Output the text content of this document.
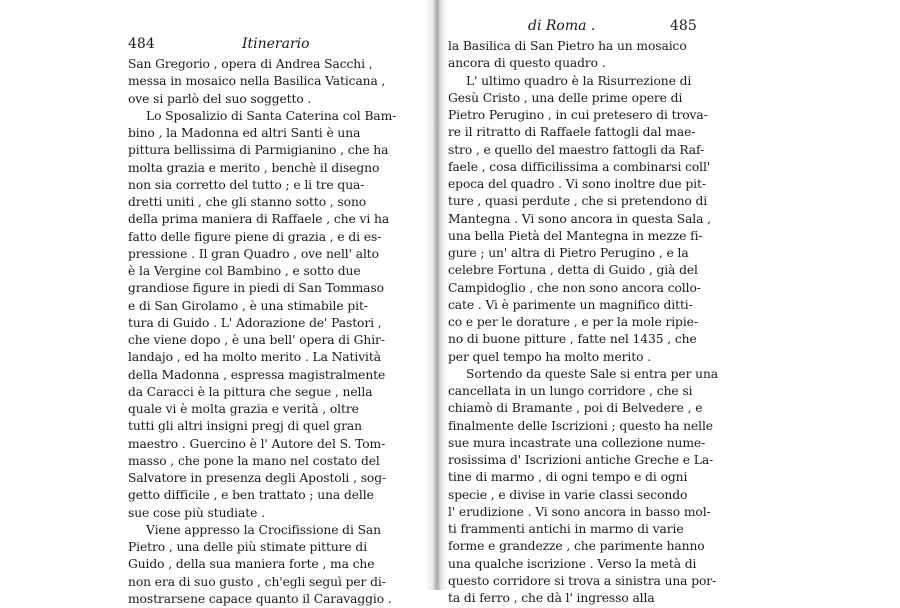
484	Itinerario
San Gregorio , opera di Andrea Sacchi ,
messa in mosaico nella Basilica Vaticana ,
ove si parlò del suo soggetto .
Lo Sposalizio di Santa Caterina col Bam-
bino , la Madonna ed altri Santi è una
pittura bellissima di Parmigianino , che ha
molta grazia e merito , benchè il disegno
non sia corretto del tutto ; e li tre qua-
dretti uniti , che gli stanno sotto , sono
della prima maniera di Raffaele , che vi ha
fatto delle figure piene di grazia , e di es-
pressione . Il gran Quadro , ove nell' alto
è la Vergine col Bambino , e sotto due
grandiose figure in piedi di San Tommaso
e di San Girolamo , è una stimabile pit-
tura di Guido . L' Adorazione de' Pastori ,
che viene dopo , è una bell' opera di Ghir-
landajo , ed ha molto merito . La Natività
della Madonna , espressa magistralmente
da Caracci è la pittura che segue , nella
quale vi è molta grazia e verità , oltre
tutti gli altri insigni pregj di quel gran
maestro . Guercino è l' Autore del S. Tom-
masso , che pone la mano nel costato del
Salvatore in presenza degli Apostoli , sog-
getto difficile , e ben trattato ; una delle
sue cose più studiate .
Viene appresso la Crocifissione di San
Pietro , una delle più stimate pitture di
Guido , della sua maniera forte , ma che
non era di suo gusto , ch'egli seguì per di-
mostrarsene capace quanto il Caravaggio .
di Roma .	485
la Basilica di San Pietro ha un mosaico
ancora di questo quadro .
L' ultimo quadro è la Risurrezione di
Gesù Cristo , una delle prime opere di
Pietro Perugino , in cui pretesero di trova-
re il ritratto di Raffaele fattogli dal mae-
stro , e quello del maestro fattogli da Raf-
faele , cosa difficilissima a combinarsi coll'
epoca del quadro . Vi sono inoltre due pit-
ture , quasi perdute , che si pretendono di
Mantegna . Vi sono ancora in questa Sala ,
una bella Pietà del Mantegna in mezze fi-
gure ; un' altra di Pietro Perugino , e la
celebre Fortuna , detta di Guido , già del
Campidoglio , che non sono ancora collo-
cate . Vi è parimente un magnifico ditti-
co e per le dorature , e per la mole ripie-
no di buone pitture , fatte nel 1435 , che
per quel tempo ha molto merito .
Sortendo da queste Sale si entra per una
cancellata in un lungo corridore , che si
chiamò di Bramante , poi di Belvedere , e
finalmente delle Iscrizioni ; questo ha nelle
sue mura incastrate una collezione nume-
rosissima d' Iscrizioni antiche Greche e La-
tine di marmo , di ogni tempo e di ogni
specie , e divise in varie classi secondo
l' erudizione . Vi sono ancora in basso mol-
ti frammenti antichi in marmo di varie
forme e grandezze , che parimente hanno
una qualche iscrizione . Verso la metà di
questo corridore si trova a sinistra una por-
ta di ferro , che dà l' ingresso alla
